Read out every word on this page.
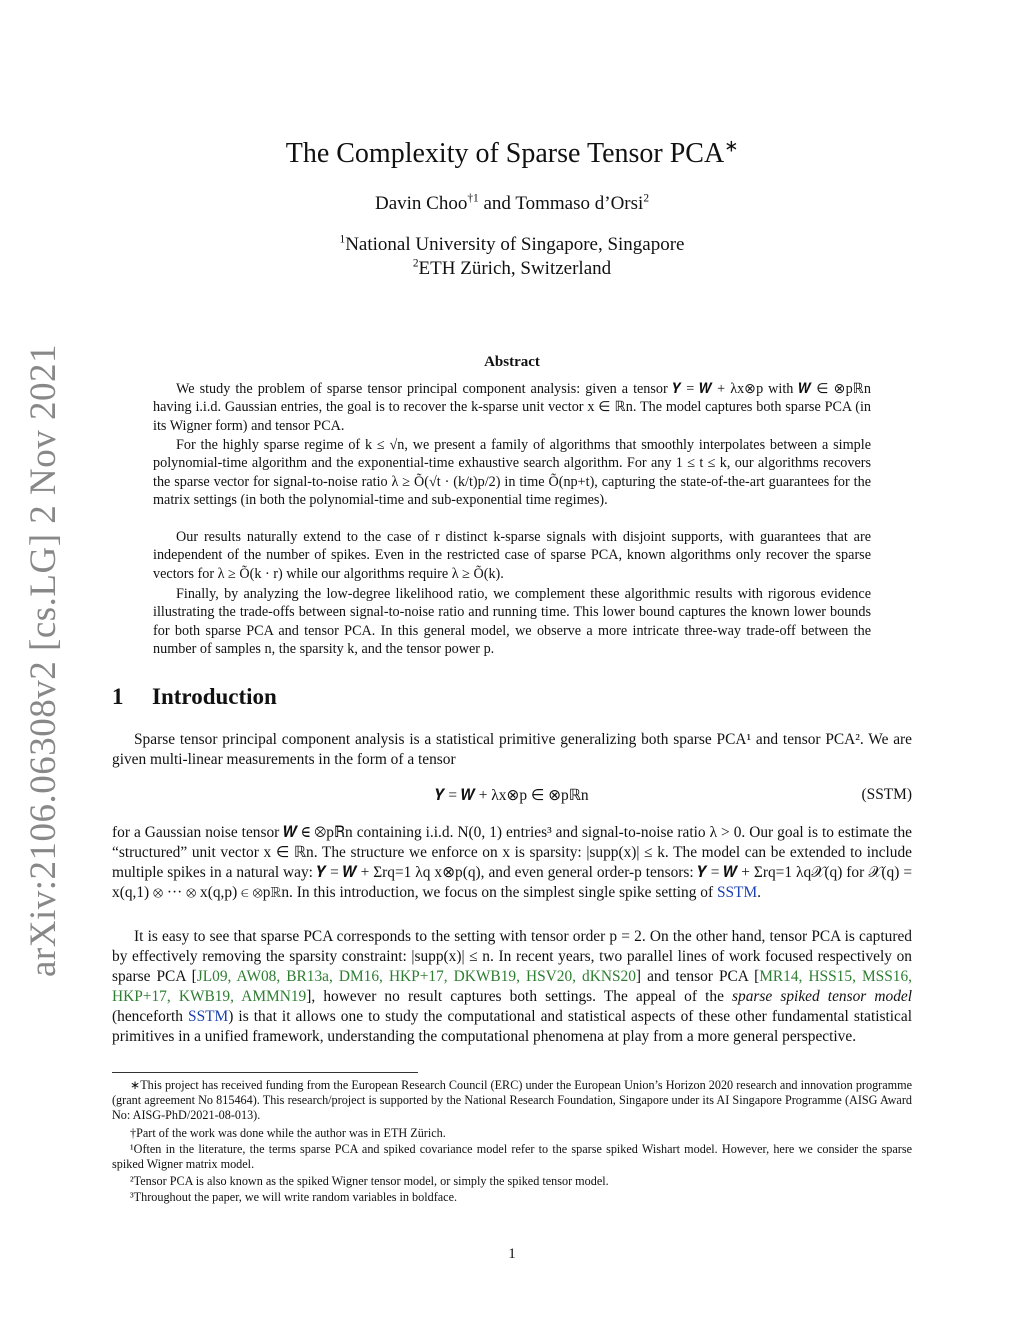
arXiv:2106.06308v2 [cs.LG] 2 Nov 2021
The Complexity of Sparse Tensor PCA∗
Davin Choo$^{\dagger 1}$ and Tommaso d’Orsi$^2$
$^1$National University of Singapore, Singapore
$^2$ETH Zürich, Switzerland
Abstract

We study the problem of sparse tensor principal component analysis: given a tensor 𝒀 = 𝑾 + λx⊗p with 𝑾 ∈ ⊗pℝn having i.i.d. Gaussian entries, the goal is to recover the k-sparse unit vector x ∈ ℝn. The model captures both sparse PCA (in its Wigner form) and tensor PCA.

For the highly sparse regime of k ≤ √n, we present a family of algorithms that smoothly interpolates between a simple polynomial-time algorithm and the exponential-time exhaustive search algorithm. For any 1 ≤ t ≤ k, our algorithms recovers the sparse vector for signal-to-noise ratio λ ≥ Õ(√t · (k/t)p/2) in time Õ(np+t), capturing the state-of-the-art guarantees for the matrix settings (in both the polynomial-time and sub-exponential time regimes).

Our results naturally extend to the case of r distinct k-sparse signals with disjoint supports, with guarantees that are independent of the number of spikes. Even in the restricted case of sparse PCA, known algorithms only recover the sparse vectors for λ ≥ Õ(k · r) while our algorithms require λ ≥ Õ(k).

Finally, by analyzing the low-degree likelihood ratio, we complement these algorithmic results with rigorous evidence illustrating the trade-offs between signal-to-noise ratio and running time. This lower bound captures the known lower bounds for both sparse PCA and tensor PCA. In this general model, we observe a more intricate three-way trade-off between the number of samples n, the sparsity k, and the tensor power p.

1 Introduction

Sparse tensor principal component analysis is a statistical primitive generalizing both sparse PCA¹ and tensor PCA². We are given multi-linear measurements in the form of a tensor

𝒀 = 𝑾 + λx⊗p ∈ ⊗pℝn	(SSTM)

for a Gaussian noise tensor 𝑾 ∈ ⊗pℝn containing i.i.d. N(0, 1) entries³ and signal-to-noise ratio λ > 0. Our goal is to estimate the “structured” unit vector x ∈ ℝn. The structure we enforce on x is sparsity: |supp(x)| ≤ k. The model can be extended to include multiple spikes in a natural way: 𝒀 = 𝑾 + Σrq=1 λq x⊗p(q), and even general order-p tensors: 𝒀 = 𝑾 + Σrq=1 λq𝒳(q) for 𝒳(q) = x(q,1) ⊗ ··· ⊗ x(q,p) ∈ ⊗pℝn. In this introduction, we focus on the simplest single spike setting of SSTM.

It is easy to see that sparse PCA corresponds to the setting with tensor order p = 2. On the other hand, tensor PCA is captured by effectively removing the sparsity constraint: |supp(x)| ≤ n. In recent years, two parallel lines of work focused respectively on sparse PCA [JL09, AW08, BR13a, DM16, HKP+17, DKWB19, HSV20, dKNS20] and tensor PCA [MR14, HSS15, MSS16, HKP+17, KWB19, AMMN19], however no result captures both settings. The appeal of the sparse spiked tensor model (henceforth SSTM) is that it allows one to study the computational and statistical aspects of these other fundamental statistical primitives in a unified framework, understanding the computational phenomena at play from a more general perspective.

∗This project has received funding from the European Research Council (ERC) under the European Union’s Horizon 2020 research and innovation programme (grant agreement No 815464). This research/project is supported by the National Research Foundation, Singapore under its AI Singapore Programme (AISG Award No: AISG-PhD/2021-08-013).

†Part of the work was done while the author was in ETH Zürich.

¹Often in the literature, the terms sparse PCA and spiked covariance model refer to the sparse spiked Wishart model. However, here we consider the sparse spiked Wigner matrix model.

²Tensor PCA is also known as the spiked Wigner tensor model, or simply the spiked tensor model.

³Throughout the paper, we will write random variables in boldface.

1
